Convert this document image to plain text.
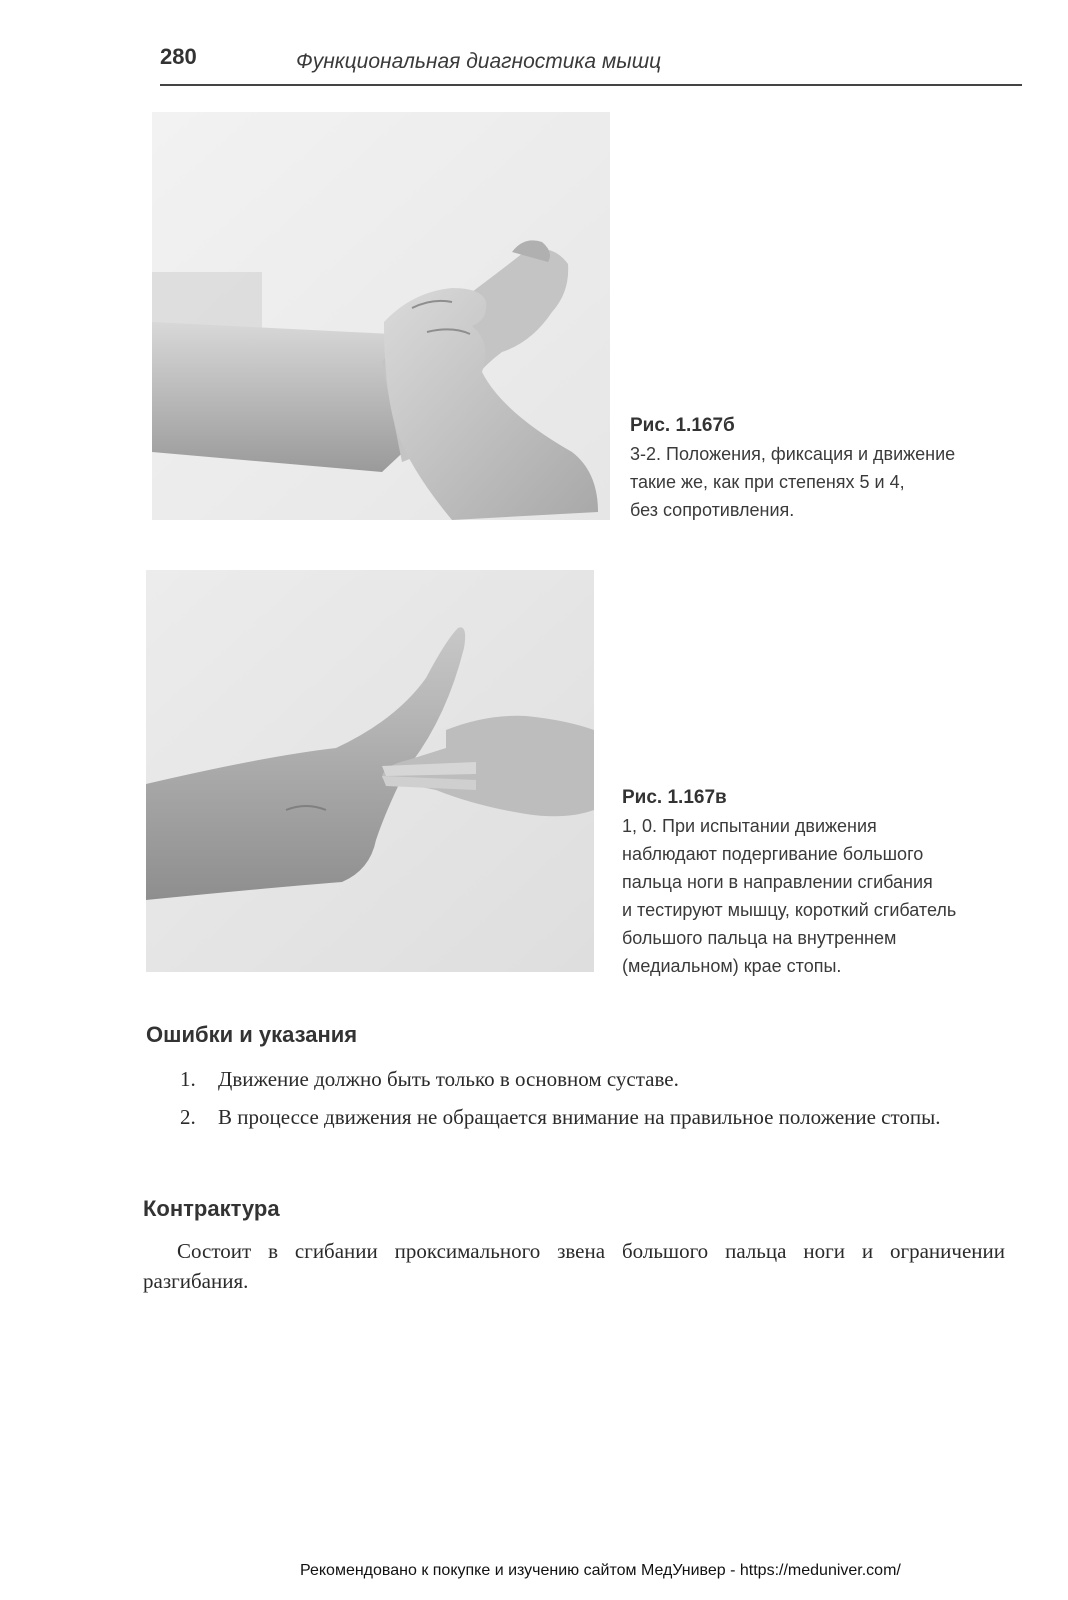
280	Функциональная диагностика мышц
Рис. 1.167б
3-2. Положения, фиксация и движение
такие же, как при степенях 5 и 4,
без сопротивления.
Рис. 1.167в
1, 0. При испытании движения
наблюдают подергивание большого
пальца ноги в направлении сгибания
и тестируют мышцу, короткий сгибатель
большого пальца на внутреннем
(медиальном) крае стопы.
Ошибки и указания
1. Движение должно быть только в основном суставе.
2. В процессе движения не обращается внимание на правильное положение стопы.
Контрактура
Состоит в сгибании проксимального звена большого пальца ноги и ограничении разгибания.
Рекомендовано к покупке и изучению сайтом МедУнивер - https://meduniver.com/
